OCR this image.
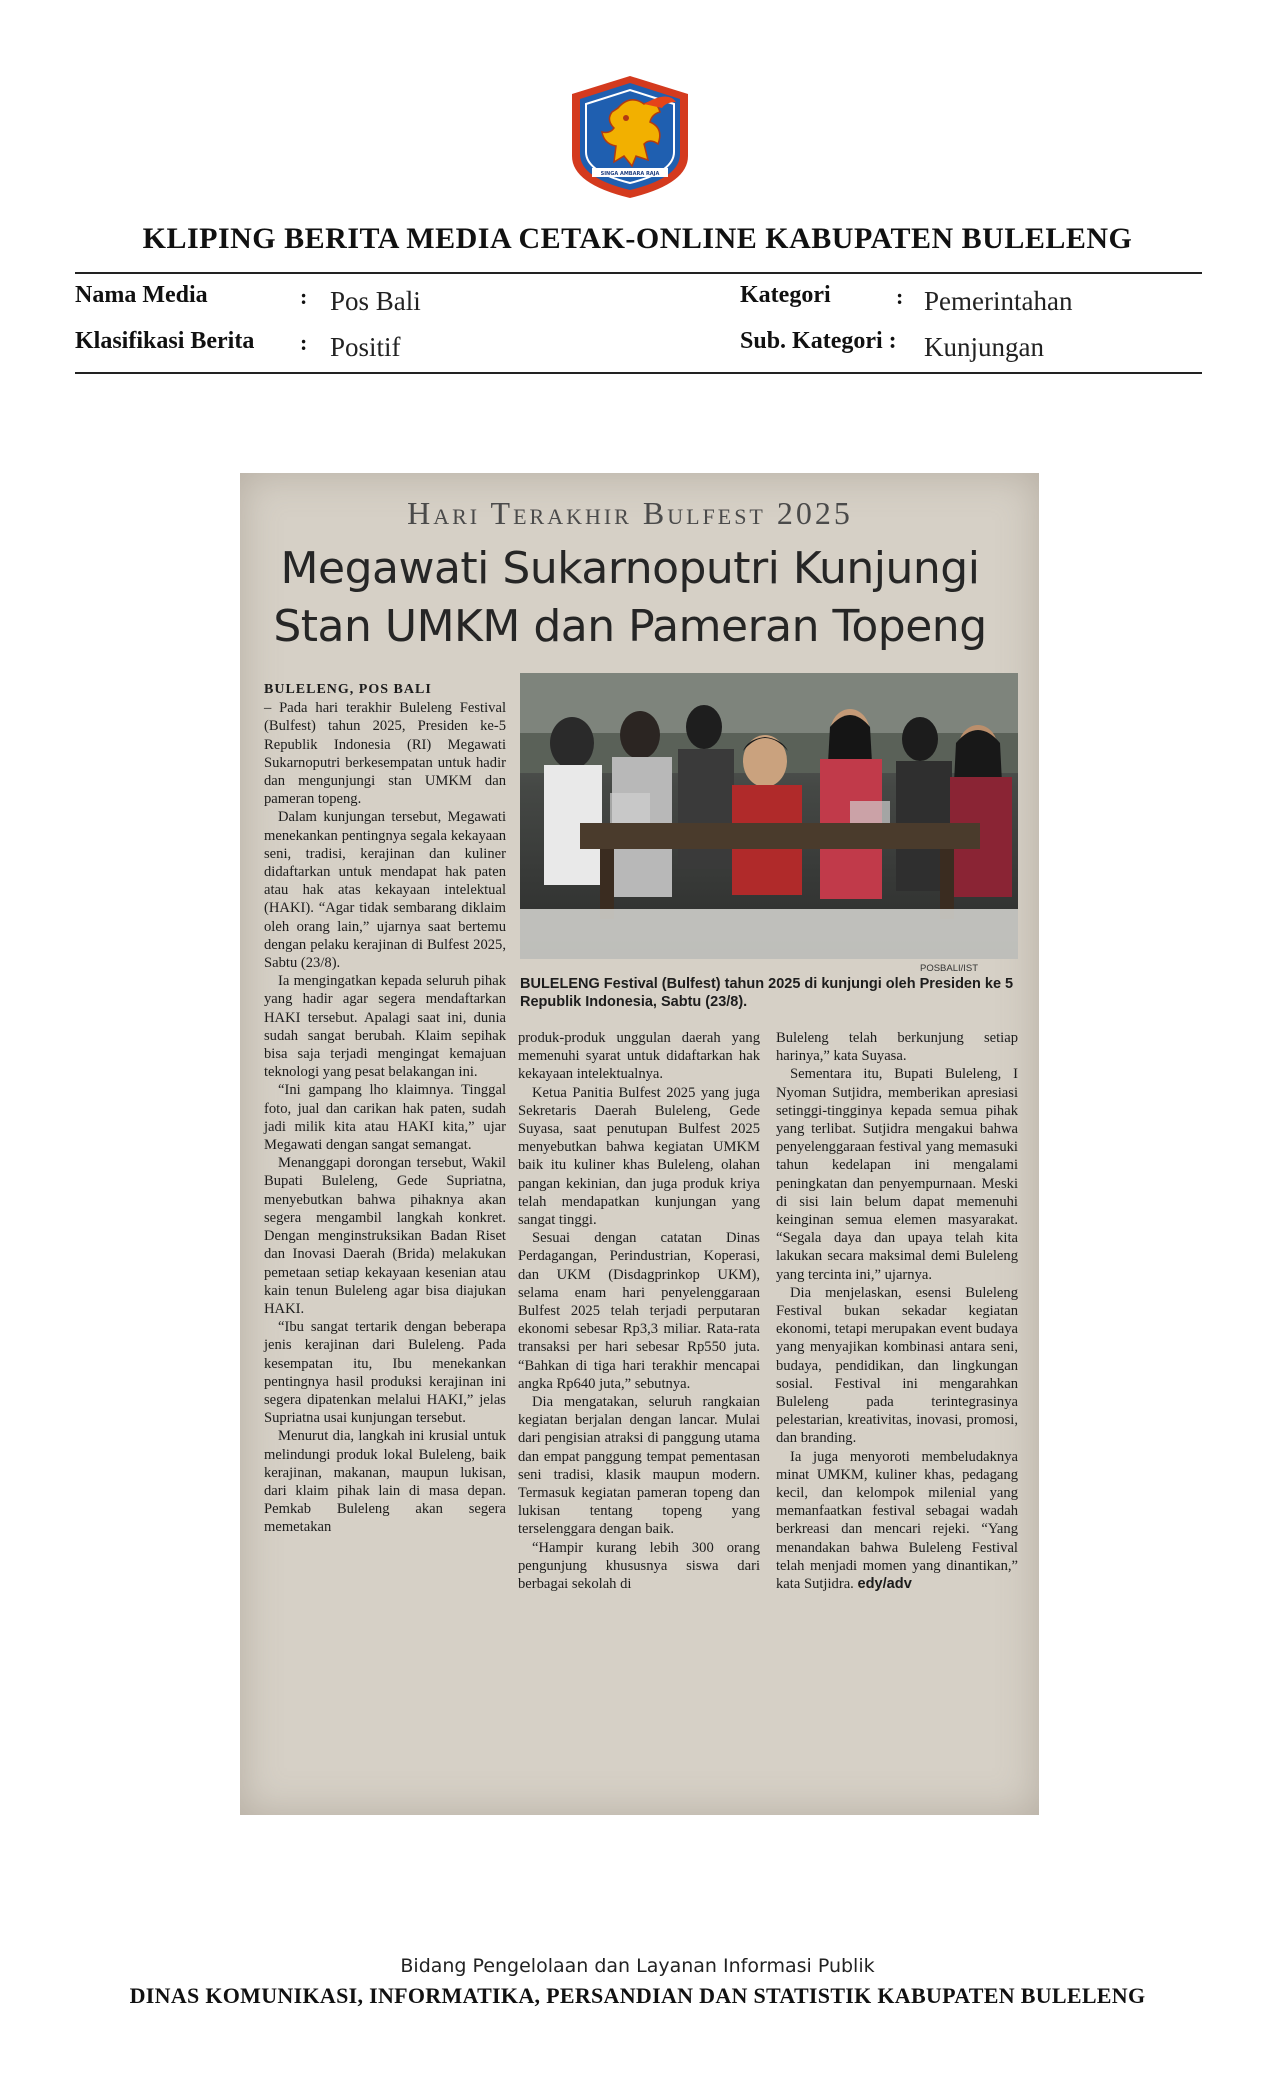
SINGA AMBARA RAJA
KLIPING BERITA MEDIA CETAK-ONLINE KABUPATEN BULELENG
Nama Media	: Pos Bali
Klasifikasi Berita : Positif
Kategori	: Pemerintahan
Sub. Kategori : Kunjungan
Hari Terakhir Bulfest 2025
Megawati Sukarnoputri Kunjungi
Stan UMKM dan Pameran Topeng

BULELENG, POS BALI

– Pada hari terakhir Buleleng Festival (Bulfest) tahun 2025, Presiden ke-5 Republik Indonesia (RI) Megawati Sukarnoputri berkesempatan untuk hadir dan mengunjungi stan UMKM dan pameran topeng.

Dalam kunjungan tersebut, Megawati menekankan pentingnya segala kekayaan seni, tradisi, kerajinan dan kuliner didaftarkan untuk mendapat hak paten atau hak atas kekayaan intelektual (HAKI). “Agar tidak sembarang diklaim oleh orang lain,” ujarnya saat bertemu dengan pelaku kerajinan di Bulfest 2025, Sabtu (23/8).

Ia mengingatkan kepada seluruh pihak yang hadir agar segera mendaftarkan HAKI tersebut. Apalagi saat ini, dunia sudah sangat berubah. Klaim sepihak bisa saja terjadi mengingat kemajuan teknologi yang pesat belakangan ini.

“Ini gampang lho klaimnya. Tinggal foto, jual dan carikan hak paten, sudah jadi milik kita atau HAKI kita,” ujar Megawati dengan sangat semangat.

Menanggapi dorongan tersebut, Wakil Bupati Buleleng, Gede Supriatna, menyebutkan bahwa pihaknya akan segera mengambil langkah konkret. Dengan menginstruksikan Badan Riset dan Inovasi Daerah (Brida) melakukan pemetaan setiap kekayaan kesenian atau kain tenun Buleleng agar bisa diajukan HAKI.

“Ibu sangat tertarik dengan beberapa jenis kerajinan dari Buleleng. Pada kesempatan itu, Ibu menekankan pentingnya hasil produksi kerajinan ini segera dipatenkan melalui HAKI,” jelas Supriatna usai kunjungan tersebut.

Menurut dia, langkah ini krusial untuk melindungi produk lokal Buleleng, baik kerajinan, makanan, maupun lukisan, dari klaim pihak lain di masa depan. Pemkab Buleleng akan segera memetakan

POSBALI/IST
BULELENG Festival (Bulfest) tahun 2025 di kunjungi oleh Presiden ke 5 Republik Indonesia, Sabtu (23/8).

produk-produk unggulan daerah yang memenuhi syarat untuk didaftarkan hak kekayaan intelektualnya.

Ketua Panitia Bulfest 2025 yang juga Sekretaris Daerah Buleleng, Gede Suyasa, saat penutupan Bulfest 2025 menyebutkan bahwa kegiatan UMKM baik itu kuliner khas Buleleng, olahan pangan kekinian, dan juga produk kriya telah mendapatkan kunjungan yang sangat tinggi.

Sesuai dengan catatan Dinas Perdagangan, Perindustrian, Koperasi, dan UKM (Disdagprinkop UKM), selama enam hari penyelenggaraan Bulfest 2025 telah terjadi perputaran ekonomi sebesar Rp3,3 miliar. Rata-rata transaksi per hari sebesar Rp550 juta. “Bahkan di tiga hari terakhir mencapai angka Rp640 juta,” sebutnya.

Dia mengatakan, seluruh rangkaian kegiatan berjalan dengan lancar. Mulai dari pengisian atraksi di panggung utama dan empat panggung tempat pementasan seni tradisi, klasik maupun modern. Termasuk kegiatan pameran topeng dan lukisan tentang topeng yang terselenggara dengan baik.

“Hampir kurang lebih 300 orang pengunjung khususnya siswa dari berbagai sekolah di

Buleleng telah berkunjung setiap harinya,” kata Suyasa.

Sementara itu, Bupati Buleleng, I Nyoman Sutjidra, memberikan apresiasi setinggi-tingginya kepada semua pihak yang terlibat. Sutjidra mengakui bahwa penyelenggaraan festival yang memasuki tahun kedelapan ini mengalami peningkatan dan penyempurnaan. Meski di sisi lain belum dapat memenuhi keinginan semua elemen masyarakat. “Segala daya dan upaya telah kita lakukan secara maksimal demi Buleleng yang tercinta ini,” ujarnya.

Dia menjelaskan, esensi Buleleng Festival bukan sekadar kegiatan ekonomi, tetapi merupakan event budaya yang menyajikan kombinasi antara seni, budaya, pendidikan, dan lingkungan sosial. Festival ini mengarahkan Buleleng pada terintegrasinya pelestarian, kreativitas, inovasi, promosi, dan branding.

Ia juga menyoroti membeludaknya minat UMKM, kuliner khas, pedagang kecil, dan kelompok milenial yang memanfaatkan festival sebagai wadah berkreasi dan mencari rejeki. “Yang menandakan bahwa Buleleng Festival telah menjadi momen yang dinantikan,” kata Sutjidra. edy/adv

Bidang Pengelolaan dan Layanan Informasi Publik
DINAS KOMUNIKASI, INFORMATIKA, PERSANDIAN DAN STATISTIK KABUPATEN BULELENG
